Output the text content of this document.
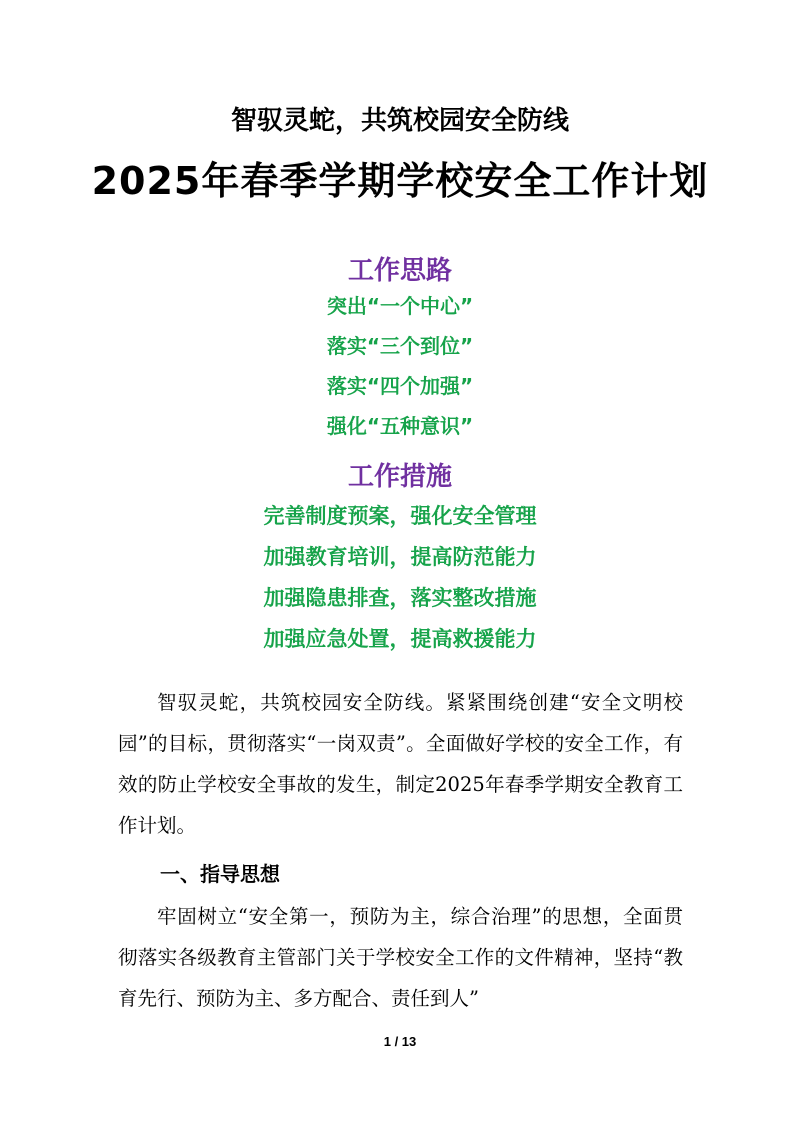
智驭灵蛇，共筑校园安全防线
2025年春季学期学校安全工作计划
工作思路
突出“一个中心”
落实“三个到位”
落实“四个加强”
强化“五种意识”
工作措施
完善制度预案，强化安全管理
加强教育培训，提高防范能力
加强隐患排查，落实整改措施
加强应急处置，提高救援能力

智驭灵蛇，共筑校园安全防线。紧紧围绕创建“安全文明校园”的目标，贯彻落实“一岗双责”。全面做好学校的安全工作，有效的防止学校安全事故的发生，制定2025年春季学期安全教育工作计划。

一、指导思想

牢固树立“安全第一，预防为主，综合治理”的思想，全面贯彻落实各级教育主管部门关于学校安全工作的文件精神，坚持“教育先行、预防为主、多方配合、责任到人”

1 / 13
